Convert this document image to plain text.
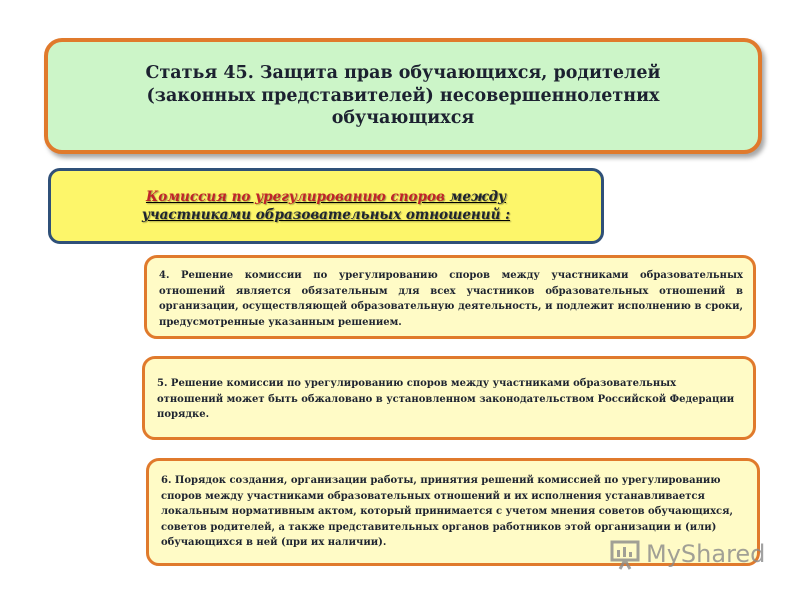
Статья 45. Защита прав обучающихся, родителей (законных представителей) несовершеннолетних обучающихся
Комиссия по урегулированию споров между участниками образовательных отношений :
4. Решение комиссии по урегулированию споров между участниками образовательных отношений является обязательным для всех участников образовательных отношений в организации, осуществляющей образовательную деятельность, и подлежит исполнению в сроки, предусмотренные указанным решением.
5. Решение комиссии по урегулированию споров между участниками образовательных отношений может быть обжаловано в установленном законодательством Российской Федерации порядке.
6. Порядок создания, организации работы, принятия решений комиссией по урегулированию споров между участниками образовательных отношений и их исполнения устанавливается локальным нормативным актом, который принимается с учетом мнения советов обучающихся, советов родителей, а также представительных органов работников этой организации и (или) обучающихся в ней (при их наличии).	MyShared
